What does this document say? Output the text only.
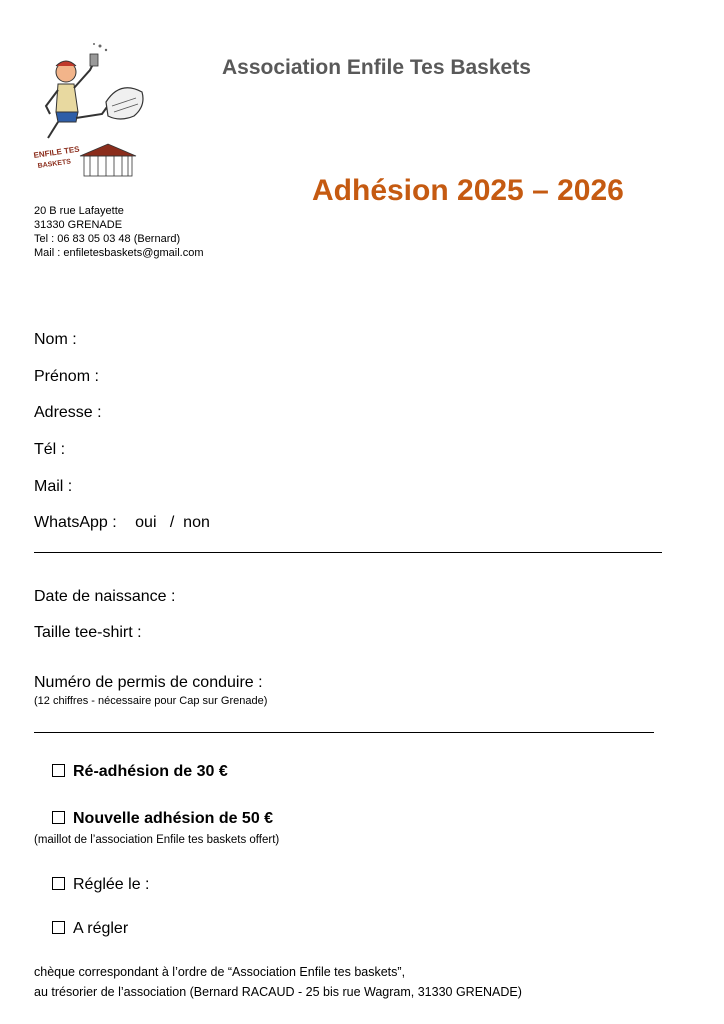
ENFILE TES
BASKETS
Association Enfile Tes Baskets
Adhésion 2025 – 2026
20 B rue Lafayette
31330 GRENADE
Tel : 06 83 05 03 48 (Bernard)
Mail : enfiletesbaskets@gmail.com
Nom :
Prénom :
Adresse :
Tél :
Mail :
WhatsApp : oui   /  non
Date de naissance :
Taille tee-shirt :
Numéro de permis de conduire :
(12 chiffres - nécessaire pour Cap sur Grenade)
Ré-adhésion de 30 €
Nouvelle adhésion de 50 €
(maillot de l’association Enfile tes baskets offert)
Réglée le :
A régler
chèque correspondant à l’ordre de “Association Enfile tes baskets”,
au trésorier de l’association (Bernard RACAUD - 25 bis rue Wagram, 31330 GRENADE)
